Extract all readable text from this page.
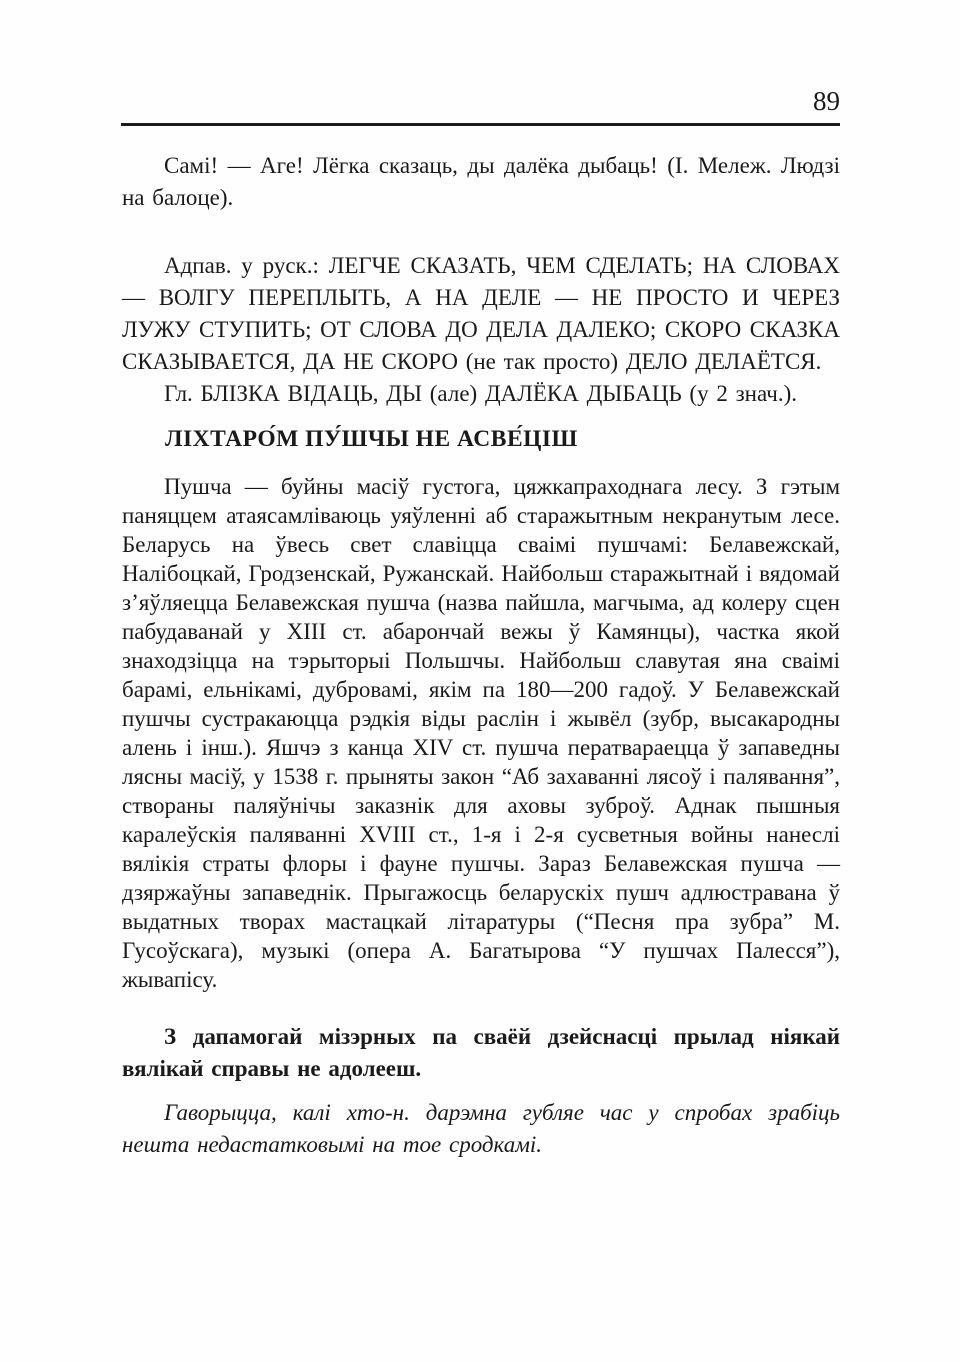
89

Самі! — Аге! Лёгка сказаць, ды далёка дыбаць! (І. Мележ. Людзі на балоце).

Адпав. у руск.: ЛЕГЧЕ СКАЗАТЬ, ЧЕМ СДЕЛАТЬ; НА СЛОВАХ — ВОЛГУ ПЕРЕПЛЫТЬ, А НА ДЕЛЕ — НЕ ПРОСТО И ЧЕРЕЗ ЛУЖУ СТУПИТЬ; ОТ СЛОВА ДО ДЕЛА ДАЛЕКО; СКОРО СКАЗКА СКАЗЫВАЕТСЯ, ДА НЕ СКОРО (не так просто) ДЕЛО ДЕЛАЁТСЯ.

Гл. БЛІЗКА ВІДАЦЬ, ДЫ (але) ДАЛЁКА ДЫБАЦЬ (у 2 знач.).

ЛІХТАРО́М ПУ́ШЧЫ НЕ АСВЕ́ЦІШ

Пушча — буйны масіў густога, цяжкапраходнага лесу. З гэтым паняццем атаясамліваюць уяўленні аб старажытным некранутым лесе. Беларусь на ўвесь свет славіцца сваімі пушчамі: Белавежскай, Налібоцкай, Гродзенскай, Ружанскай. Найбольш старажытнай і вядомай з’яўляецца Белавежская пушча (назва пайшла, магчыма, ад колеру сцен пабудаванай у XIII ст. абарончай вежы ў Камянцы), частка якой знаходзіцца на тэрыторыі Польшчы. Найбольш славутая яна сваімі барамі, ельнікамі, дубровамі, якім па 180—200 гадоў. У Белавежскай пушчы сустракаюцца рэдкія віды раслін і жывёл (зубр, высакародны алень і інш.). Яшчэ з канца XIV ст. пушча ператвараецца ў запаведны лясны масіў, у 1538 г. прыняты закон “Аб захаванні лясоў і палявання”, створаны паляўнічы заказнік для аховы зуброў. Аднак пышныя каралеўскія паляванні XVIII ст., 1-я і 2-я сусветныя войны нанеслі вялікія страты флоры і фауне пушчы. Зараз Белавежская пушча — дзяржаўны запаведнік. Прыгажосць беларускіх пушч адлюстравана ў выдатных творах мастацкай літаратуры (“Песня пра зубра” М. Гусоўскага), музыкі (опера А. Багатырова “У пушчах Палесся”), жывапісу.

З дапамогай мізэрных па сваёй дзейснасці прылад ніякай вялікай справы не адолееш.

Гаворыцца, калі хто-н. дарэмна губляе час у спробах зрабіць нешта недастатковымі на тое сродкамі.
